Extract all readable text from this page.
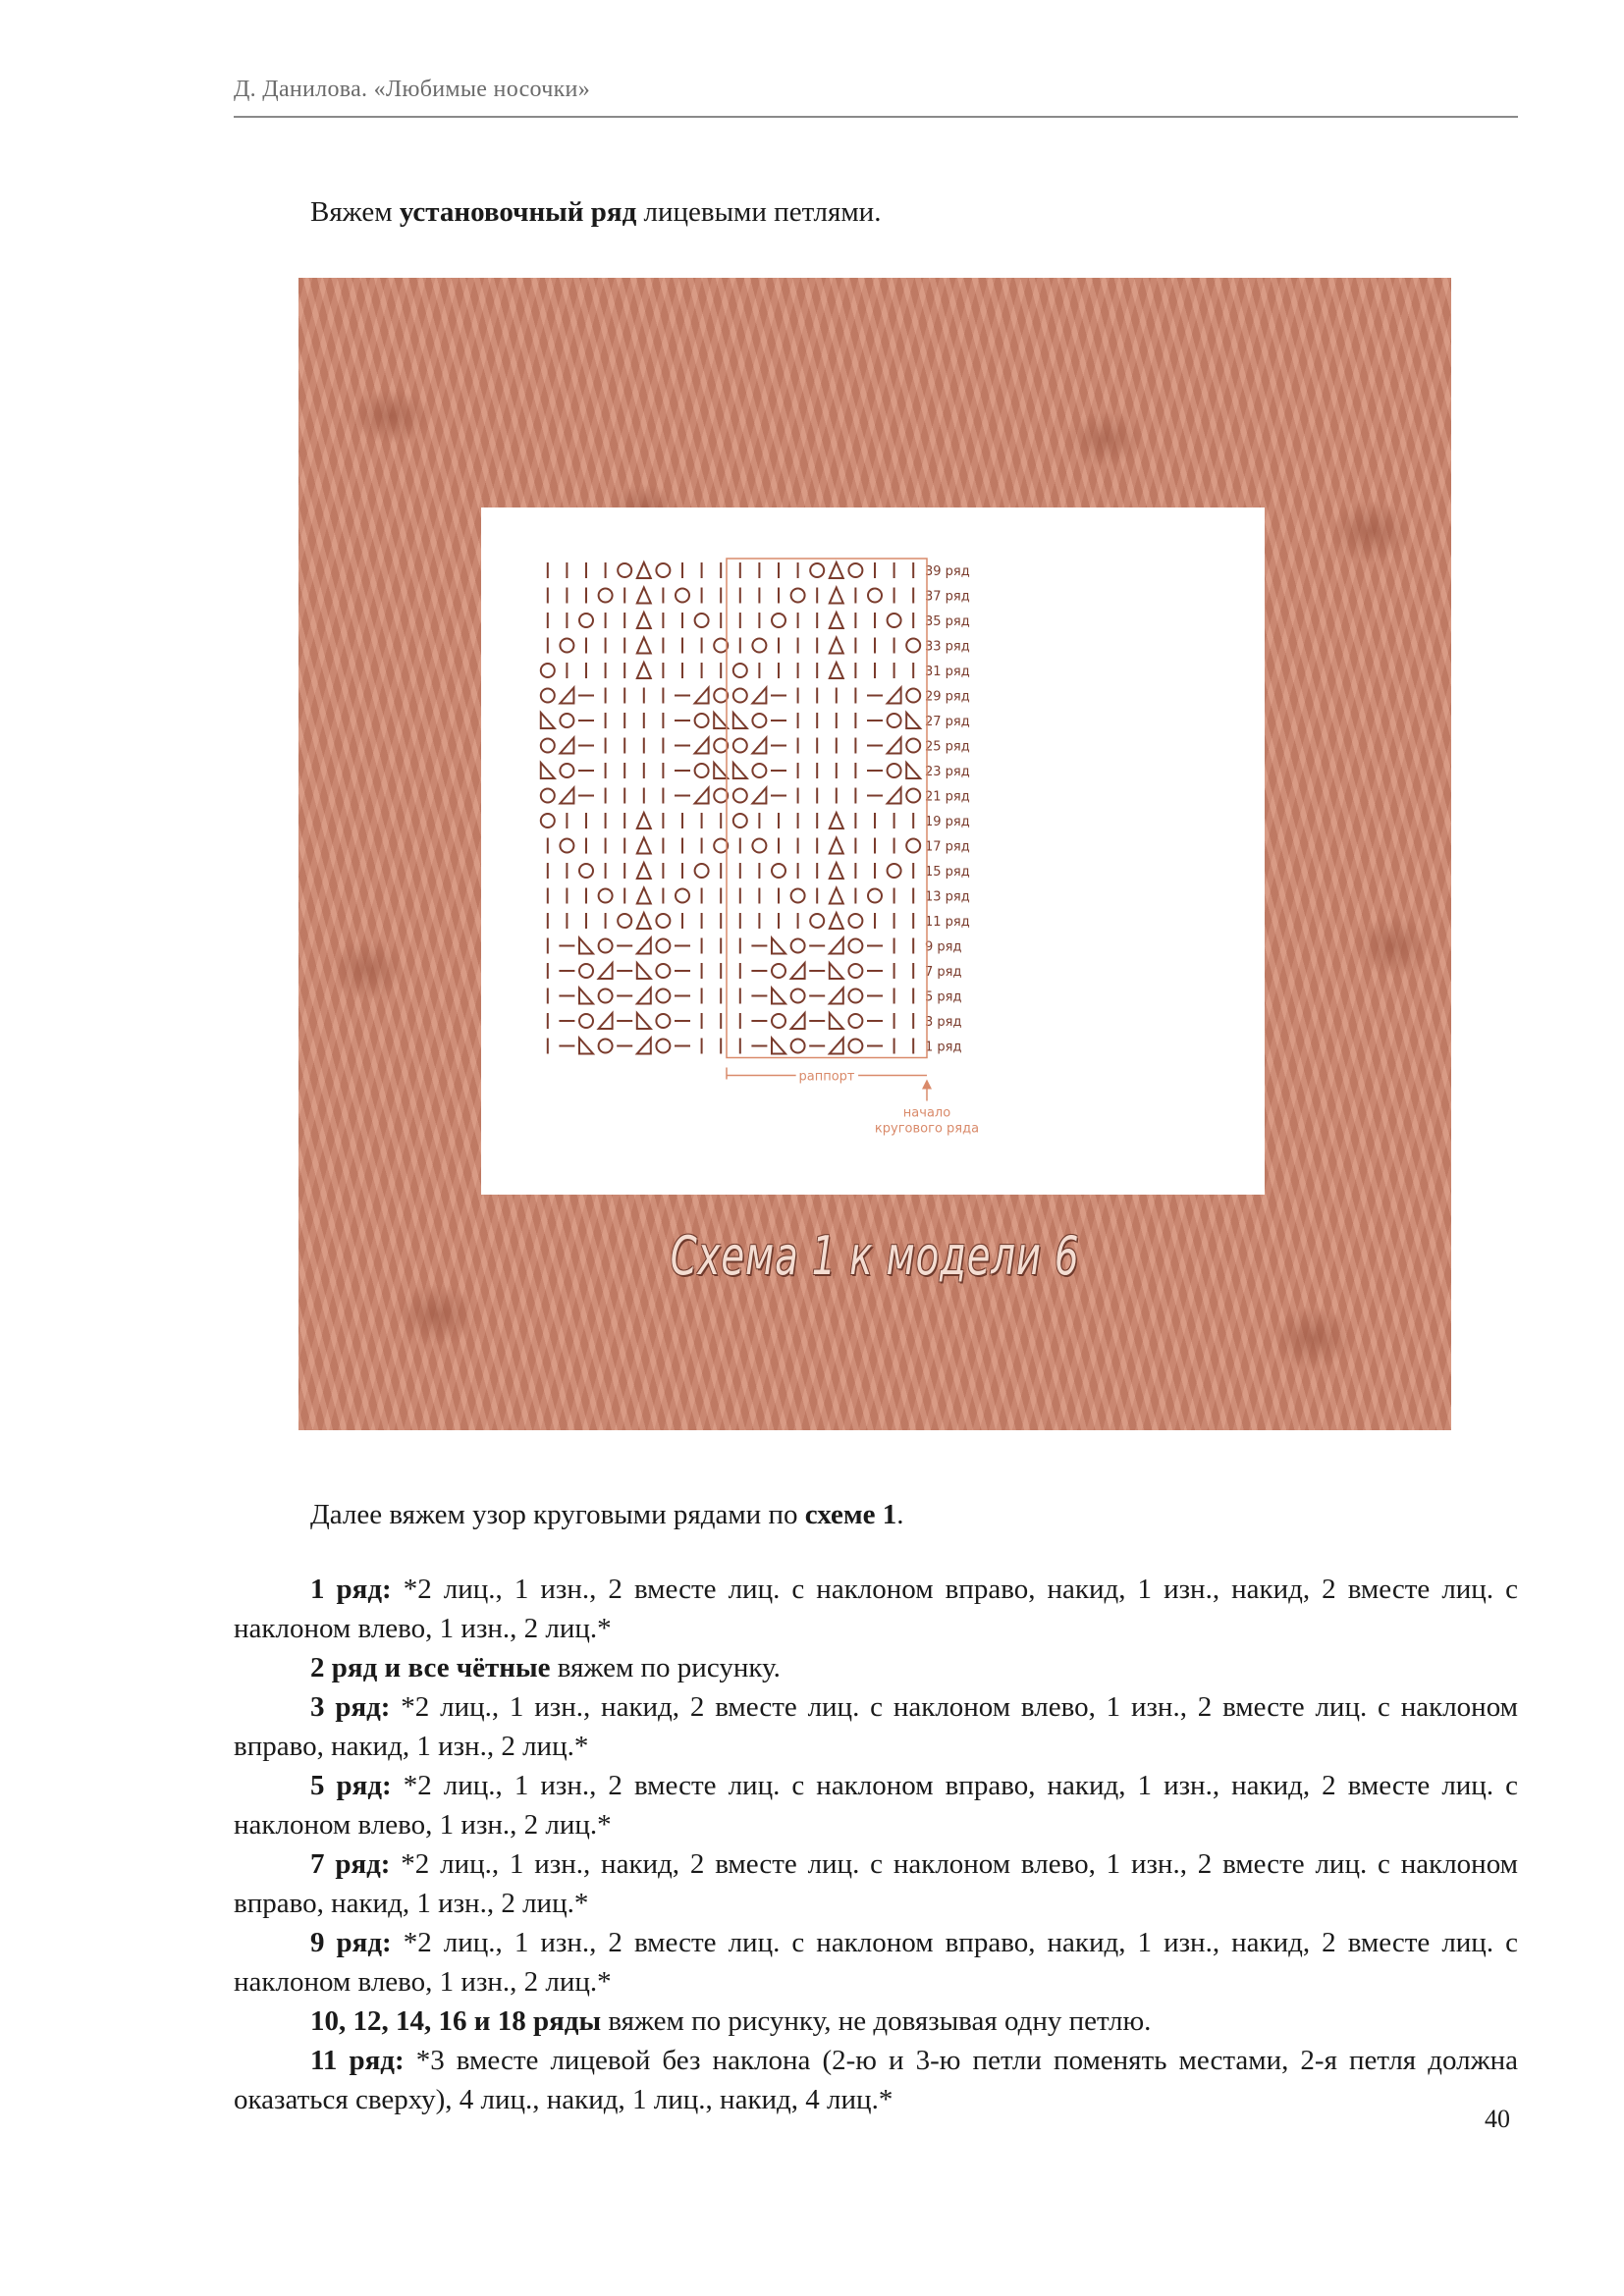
Д. Данилова. «Любимые носочки»
Вяжем установочный ряд лицевыми петлями.
39 ряд
37 ряд
35 ряд
33 ряд
31 ряд
29 ряд
27 ряд
25 ряд
23 ряд
21 ряд
19 ряд
17 ряд
15 ряд
13 ряд
11 ряд
9 ряд
7 ряд
5 ряд
3 ряд
1 ряд
раппорт
начало
кругового ряда
Схема 1 к модели 6
Далее вяжем узор круговыми рядами по схеме 1.

1 ряд: *2 лиц., 1 изн., 2 вместе лиц. с наклоном вправо, накид, 1 изн., накид, 2 вместе лиц. с наклоном влево, 1 изн., 2 лиц.*

2 ряд и все чётные вяжем по рисунку.

3 ряд: *2 лиц., 1 изн., накид, 2 вместе лиц. с наклоном влево, 1 изн., 2 вместе лиц. с наклоном вправо, накид, 1 изн., 2 лиц.*

5 ряд: *2 лиц., 1 изн., 2 вместе лиц. с наклоном вправо, накид, 1 изн., накид, 2 вместе лиц. с наклоном влево, 1 изн., 2 лиц.*

7 ряд: *2 лиц., 1 изн., накид, 2 вместе лиц. с наклоном влево, 1 изн., 2 вместе лиц. с наклоном вправо, накид, 1 изн., 2 лиц.*

9 ряд: *2 лиц., 1 изн., 2 вместе лиц. с наклоном вправо, накид, 1 изн., накид, 2 вместе лиц. с наклоном влево, 1 изн., 2 лиц.*

10, 12, 14, 16 и 18 ряды вяжем по рисунку, не довязывая одну петлю.

11 ряд: *3 вместе лицевой без наклона (2-ю и 3-ю петли поменять местами, 2-я петля должна оказаться сверху), 4 лиц., накид, 1 лиц., накид, 4 лиц.*

40
